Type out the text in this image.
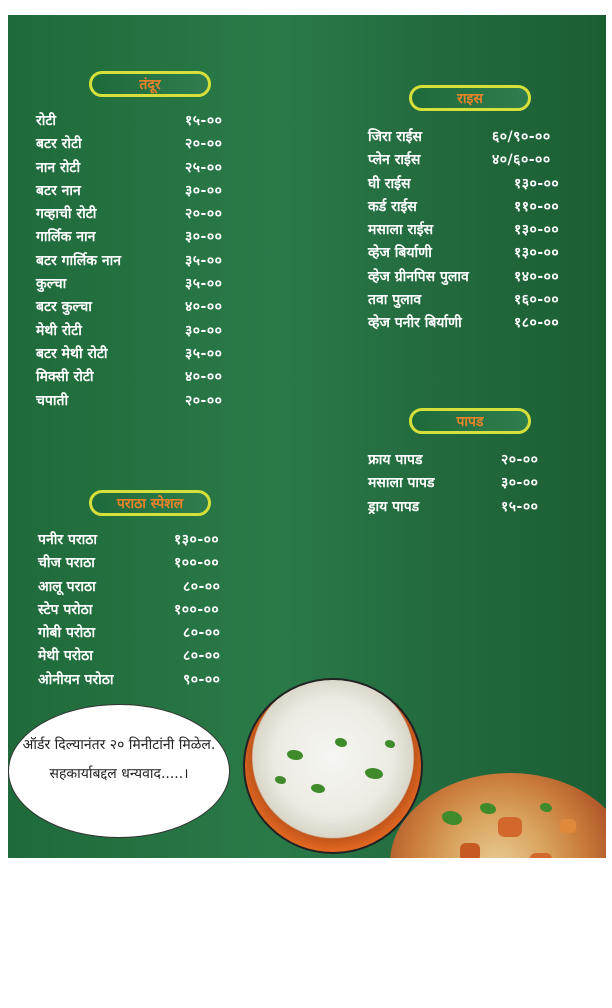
तंदूर
रोटी	१५-००
बटर रोटी	२०-००
नान रोटी	२५-००
बटर नान	३०-००
गव्हाची रोटी	२०-००
गार्लिक नान	३०-००
बटर गार्लिक नान	३५-००
कुल्चा	३५-००
बटर कुल्चा	४०-००
मेथी रोटी	३०-००
बटर मेथी रोटी	३५-००
मिक्सी रोटी	४०-००
चपाती	२०-००
राइस
जिरा राईस	६०/९०-००
प्लेन राईस	४०/६०-००
घी राईस	१३०-००
कर्ड राईस	११०-००
मसाला राईस	१३०-००
व्हेज बिर्याणी	१३०-००
व्हेज ग्रीनपिस पुलाव	१४०-००
तवा पुलाव	१६०-००
व्हेज पनीर बिर्याणी	१८०-००
पापड
फ्राय पापड	२०-००
मसाला पापड	३०-००
ड्राय पापड	१५-००
पराठा स्पेशल
पनीर पराठा	१३०-००
चीज पराठा	१००-००
आलू पराठा	८०-००
स्टेप परोठा	१००-००
गोबी परोठा	८०-००
मेथी परोठा	८०-००
ओनीयन परोठा	९०-००
ऑर्डर दिल्यानंतर २० मिनीटांनी मिळेल.
सहकार्याबद्दल धन्यवाद.....।
